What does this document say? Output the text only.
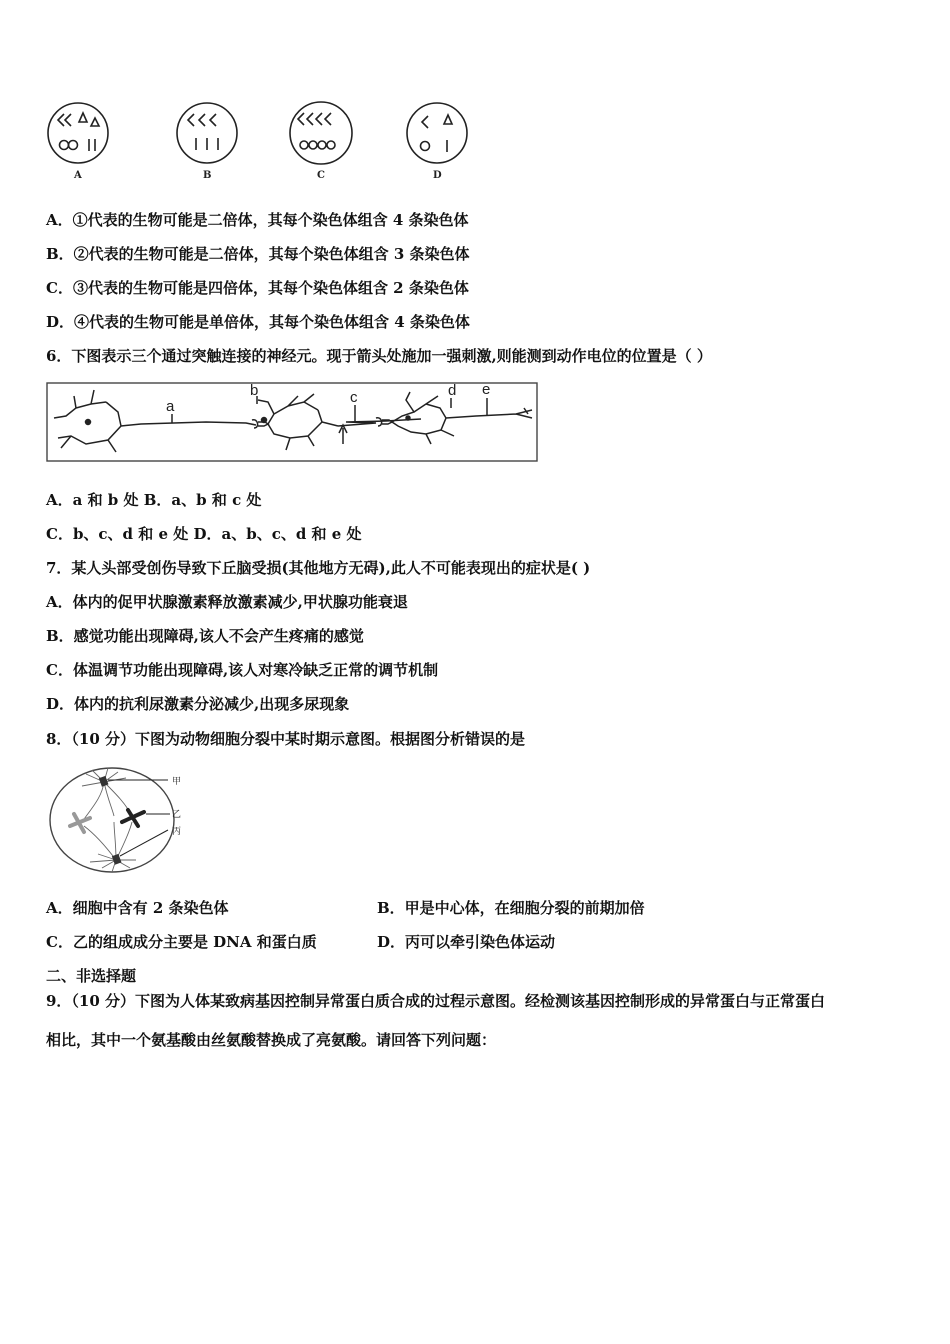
A	B	C	D
A．①代表的生物可能是二倍体，其每个染色体组含 4 条染色体
B．②代表的生物可能是二倍体，其每个染色体组含 3 条染色体
C．③代表的生物可能是四倍体，其每个染色体组含 2 条染色体
D．④代表的生物可能是单倍体，其每个染色体组含 4 条染色体
6．下图表示三个通过突触连接的神经元。现于箭头处施加一强刺激,则能测到动作电位的位置是（ ）
a
b	c	d e
A．a 和 b 处 B．a、b 和 c 处
C．b、c、d 和 e 处 D．a、b、c、d 和 e 处
7．某人头部受创伤导致下丘脑受损(其他地方无碍),此人不可能表现出的症状是( )
A．体内的促甲状腺激素释放激素减少,甲状腺功能衰退
B．感觉功能出现障碍,该人不会产生疼痛的感觉
C．体温调节功能出现障碍,该人对寒冷缺乏正常的调节机制
D．体内的抗利尿激素分泌减少,出现多尿现象
8．（10 分）下图为动物细胞分裂中某时期示意图。根据图分析错误的是
甲
乙
丙
A．细胞中含有 2 条染色体	B．甲是中心体，在细胞分裂的前期加倍
C．乙的组成成分主要是 DNA 和蛋白质	D．丙可以牵引染色体运动
二、非选择题
9．（10 分）下图为人体某致病基因控制异常蛋白质合成的过程示意图。经检测该基因控制形成的异常蛋白与正常蛋白
相比，其中一个氨基酸由丝氨酸替换成了亮氨酸。请回答下列问题：
